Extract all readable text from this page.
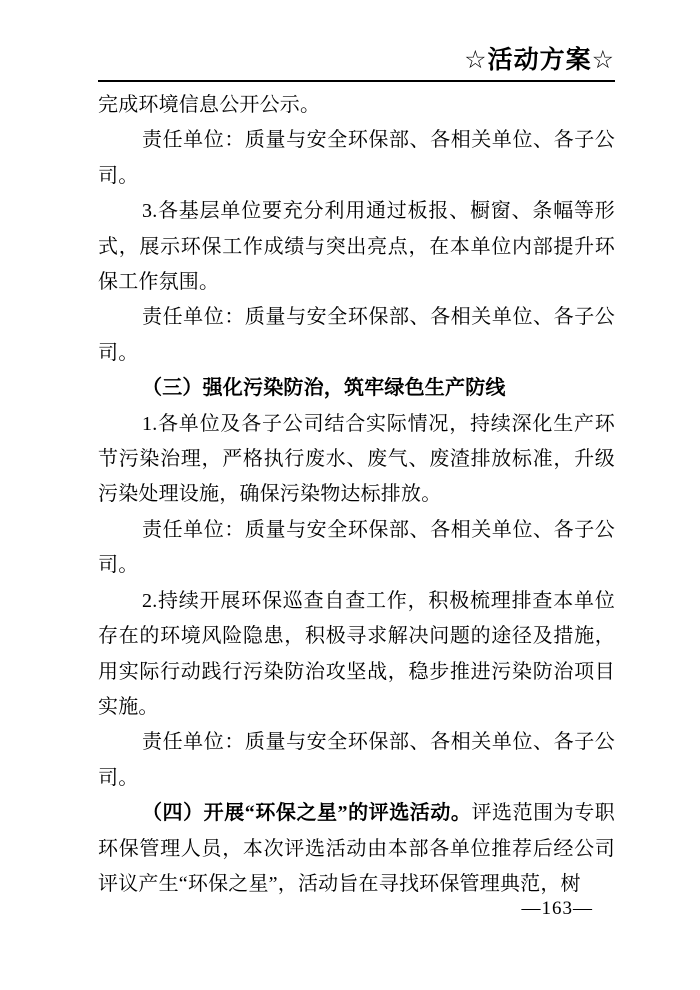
☆活动方案☆

完成环境信息公开公示。

责任单位：质量与安全环保部、各相关单位、各子公司。

3.各基层单位要充分利用通过板报、橱窗、条幅等形式，展示环保工作成绩与突出亮点，在本单位内部提升环保工作氛围。

责任单位：质量与安全环保部、各相关单位、各子公司。

（三）强化污染防治，筑牢绿色生产防线

1.各单位及各子公司结合实际情况，持续深化生产环节污染治理，严格执行废水、废气、废渣排放标准，升级污染处理设施，确保污染物达标排放。

责任单位：质量与安全环保部、各相关单位、各子公司。

2.持续开展环保巡查自查工作，积极梳理排查本单位存在的环境风险隐患，积极寻求解决问题的途径及措施，用实际行动践行污染防治攻坚战，稳步推进污染防治项目实施。

责任单位：质量与安全环保部、各相关单位、各子公司。

（四）开展“环保之星”的评选活动。评选范围为专职环保管理人员，本次评选活动由本部各单位推荐后经公司评议产生“环保之星”，活动旨在寻找环保管理典范，树

—163—
